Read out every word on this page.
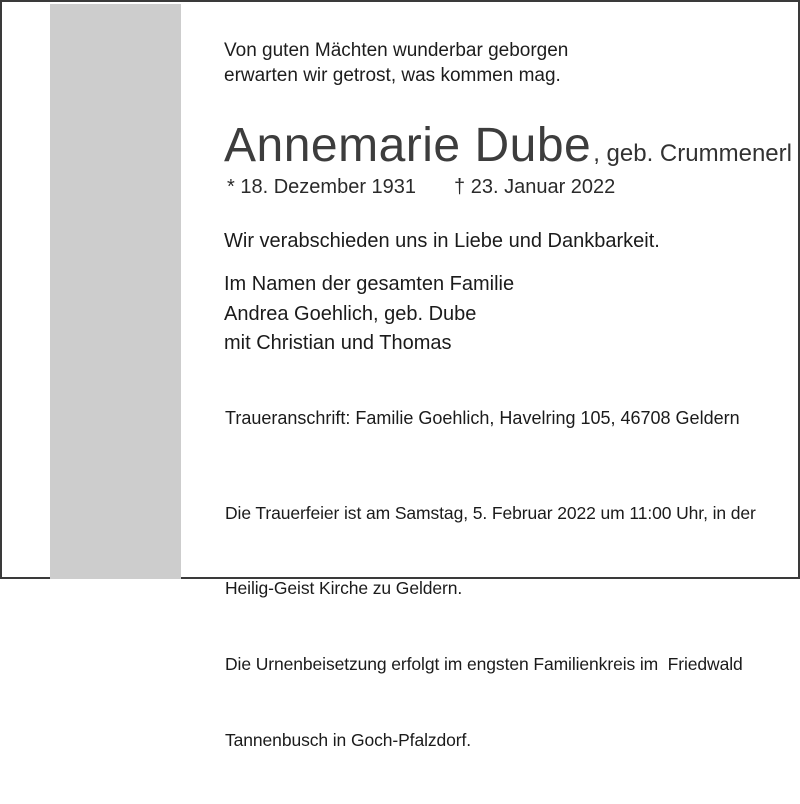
Von guten Mächten wunderbar geborgen
erwarten wir getrost, was kommen mag.
Annemarie Dube, geb. Crummenerl
* 18. Dezember 1931 † 23. Januar 2022
Wir verabschieden uns in Liebe und Dankbarkeit.
Im Namen der gesamten Familie
Andrea Goehlich, geb. Dube
mit Christian und Thomas
Traueranschrift: Familie Goehlich, Havelring 105, 46708 Geldern

Die Trauerfeier ist am Samstag, 5. Februar 2022 um 11:00 Uhr, in der

Heilig-Geist Kirche zu Geldern.

Die Urnenbeisetzung erfolgt im engsten Familienkreis im  Friedwald

Tannenbusch in Goch-Pfalzdorf.
